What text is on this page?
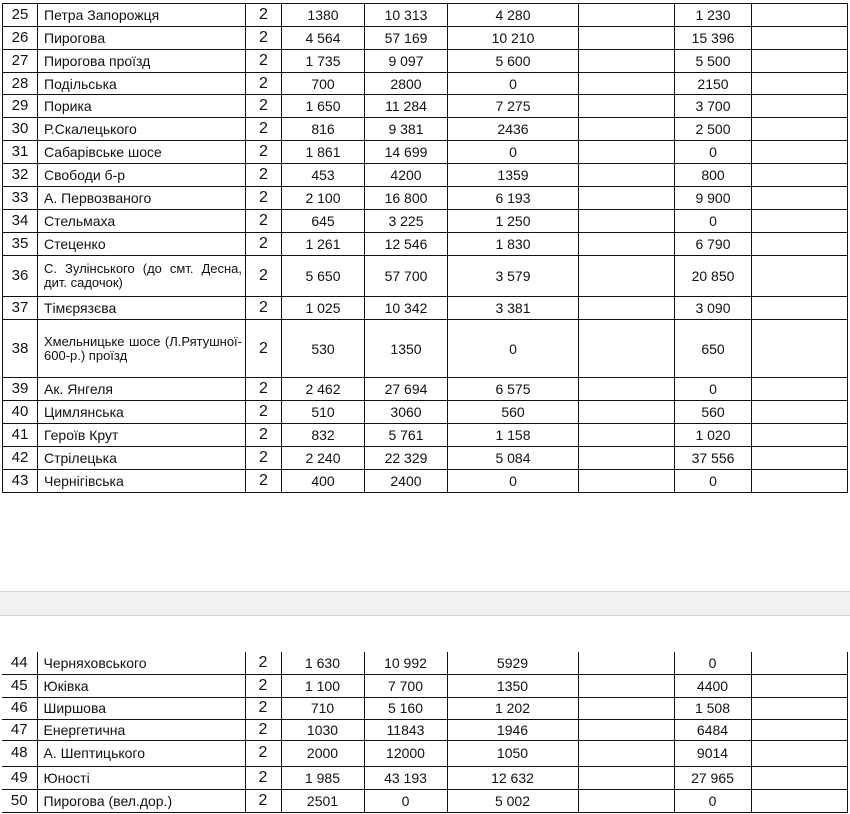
25	Петра Запорожця	2	1380	10 313	4 280		1 230	
26	Пирогова	2	4 564	57 169	10 210		15 396	
27	Пирогова проїзд	2	1 735	9 097	5 600		5 500	
28	Подільська	2	700	2800	0		2150	
29	Порика	2	1 650	11 284	7 275		3 700	
30	Р.Скалецького	2	816	9 381	2436		2 500	
31	Сабарівське шосе	2	1 861	14 699	0		0	
32	Свободи б-р	2	453	4200	1359		800	
33	А. Первозваного	2	2 100	16 800	6 193		9 900	
34	Стельмаха	2	645	3 225	1 250		0	
35	Стеценко	2	1 261	12 546	1 830		6 790	
36	С. Зулінського (до смт. Десна, дит. садочок)	2	5 650	57 700	3 579		20 850	
37	Тімєрязєва	2	1 025	10 342	3 381		3 090	
38	Хмельницьке шосе (Л.Рятушної- 600-р.) проїзд	2	530	1350	0		650	
39	Ак. Янгеля	2	2 462	27 694	6 575		0	
40	Цимлянська	2	510	3060	560		560	
41	Героїв Крут	2	832	5 761	1 158		1 020	
42	Стрілецька	2	2 240	22 329	5 084		37 556	
43	Чернігівська	2	400	2400	0		0	
44	Черняховського	2	1 630	10 992	5929		0	
45	Юківка	2	1 100	7 700	1350		4400	
46	Ширшова	2	710	5 160	1 202		1 508	
47	Енергетична	2	1030	11843	1946		6484	
48	А. Шептицького	2	2000	12000	1050		9014	
49	Юності	2	1 985	43 193	12 632		27 965	
50	Пирогова (вел.дор.)	2	2501	0	5 002		0	
